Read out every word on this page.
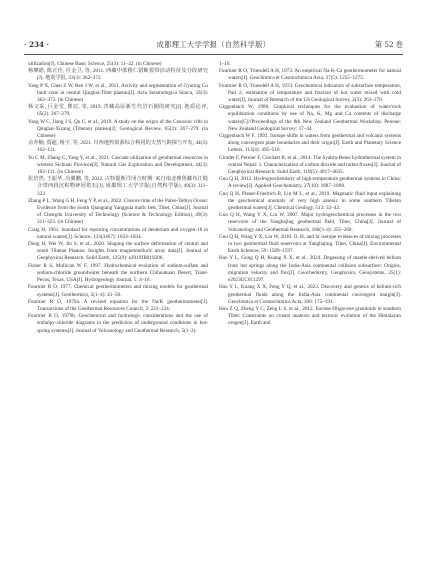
· 234 ·	成都理工大学学报（自然科学版）	第 52 卷

utilization[J]. Chinese Basic Science, 25(3): 11–22. (in Chinese)

杨攀皓, 陈正佳, 任金卫, 等, 2011. 西藏中部格仁错断裂带活动特征及分段研究[J]. 地震学报, 33(3): 362–372.

Yang P X, Chen Z W, Ren J W, et al., 2011. Activity and segmentation of Gyaring Co fault zone in central Qinghai-Tibet plateau[J]. Acta Seismologica Sinica, 33(3): 362–372. (in Chinese)

杨文采, 巨金堂, 瞿辰, 等, 2019. 青藏高原新生代岩石圈的研究[J]. 地质论评, 65(2): 267–279.

Yang W C, Jiang J S, Qu C, et al., 2019. A study on the origin of the Cenozoic rifts in Qinghai-Xizang (Tibetan) plateau[J]. Geological Review, 65(2): 267–279. (in Chinese)

余亦楠, 贾超, 杨宇, 等, 2021. 川西地热资源综合利用的天然气勘探与开发, 44(3): 102–111.

Yu C M, Zhang C, Yang Y, et al., 2021. Cascade utilization of geothermal resources in western Sichuan Province[J]. Natural Gas Exploration and Development, 44(3): 102–111. (in Chinese)

张培然, 王振华, 冯翼鹏, 等, 2022. 古特提斯洋闭合时期: 来自南北雅鲁藏布江缝合带西段沉积物碎屑锆石[J]. 成都理工大学学报(自然科学版), 49(3): 311–323.

Zhang P L, Wang G H, Feng Y P, et al., 2022. Closure time of the Paleo-Tethys Ocean: Evidence from the South Qiangtang Yanggula mafic belt, Tibet, China[J]. Journal of Chengdu University of Technology (Science & Technology Edition), 49(3): 311–323. (in Chinese)

Craig H, 1961. Standard for reporting concentrations of deuterium and oxygen-18 in natural waters[J]. Science, 133(3467): 1833–1834.

Dong H, Wei W, Jin S, et al., 2020. Shaping the surface deformation of central and south Tibetan Plateau: Insights from magnetotelluric array data[J]. Journal of Geophysical Research: Solid Earth, 125(9): e2019JB019206.

Fisher R S, Mullican W F, 1997. Hydrochemical evolution of sodium-sulfate and sodium-chloride groundwater beneath the northern Chihuahuan Desert, Trans-Pecos, Texas, USA[J]. Hydrogeology Journal, 5: 4–16.

Fournier R O, 1977. Chemical geothermometers and mixing models for geothermal systems[J]. Geothermics, 5(1–4): 41–50.

Fournier R O, 1979a. A revised equation for the Na/K geothermometer[J]. Transactions of the Geothermal Resources Council, 3: 221–224.

Fournier R O, 1979b. Geochemical and hydrologic considerations and the use of enthalpy-chloride diagrams in the prediction of underground conditions in hot-spring systems[J]. Journal of Volcanology and Geothermal Research, 5(1–2):

1–16.

Fournier R O, Truesdell A H, 1973. An empirical Na-K-Ca geothermometer for natural waters[J]. Geochimica et Cosmochimica Acta, 37(5): 1255–1275.

Fournier R O, Truesdell A H, 1974. Geochemical indicators of subsurface temperature, Part 2, estimation of temperature and fraction of hot water mixed with cold water[J]. Journal of Research of the US Geological Survey, 2(3): 263–270.

Giggenbach W, 1986. Graphical techniques for the evaluation of water/rock equilibration conditions by use of Na, K, Mg and Ca contents of discharge waters[C]//Proceedings of the 8th New Zealand Geothermal Workshop. Penone: New Zealand Geological Survey: 37–44.

Giggenbach W F, 1992. Isotope shifts in waters from geothermal and volcanic systems along convergent plate boundaries and their origin[J]. Earth and Planetary Science Letters, 113(4): 495–510.

Giradet F, Pernier F, Crockett R, et al., 2014. The Syabru-Bensi hydrothermal system in central Nepal: 1. Characterization of carbon dioxide and radon fluxes[J]. Journal of Geophysical Research: Solid Earth, 119(5): 4017–4035.

Guo Q H, 2012. Hydrogeochemistry of high-temperature geothermal systems in China: A review[J]. Applied Geochemistry, 27(10): 1887–1898.

Guo Q H, Planer-Friedrich B, Liu M L, et al., 2019. Magmatic fluid input explaining the geochemical anomaly of very high arsenic in some southern Tibetan geothermal waters[J]. Chemical Geology, 513: 32–43.

Guo Q H, Wang Y X, Liu W, 2007. Major hydrogeochemical processes in the two reservoirs of the Yangbajing geothermal field, Tibet, China[J]. Journal of Volcanology and Geothermal Research, 166(3–4): 255–268.

Guo Q H, Wang Y X, Liu W, 2010. O, H, and Sr isotope evidences of mixing processes in two geothermal fluid reservoirs at Yangbajing, Tibet, China[J]. Environmental Earth Sciences, 59: 1589–1597.

Hao Y L, Gong Q H, Kuang X X, et al., 2024. Degassing of mantle-derived helium from hot springs along the India-Asia continental collision subsurface: Origins, migration velocity and flux[J]. Geochemistry, Geophysics, Geosystems, 25(1): e2023GC011297.

Hao Y L, Kuang X X, Feng Y Q, et al., 2023. Discovery and genesis of helium-rich geothermal fluids along the India-Asia continental convergent margin[J]. Geochimica et Cosmochimica Acta, 360: 175–191.

Hou Z Q, Zheng Y C, Zeng L S, et al., 2012. Eocene-Oligocene granitoids in southern Tibet: Constraints on crustal anatexis and tectonic evolution of the Himalayan orogen[J]. Earth and
